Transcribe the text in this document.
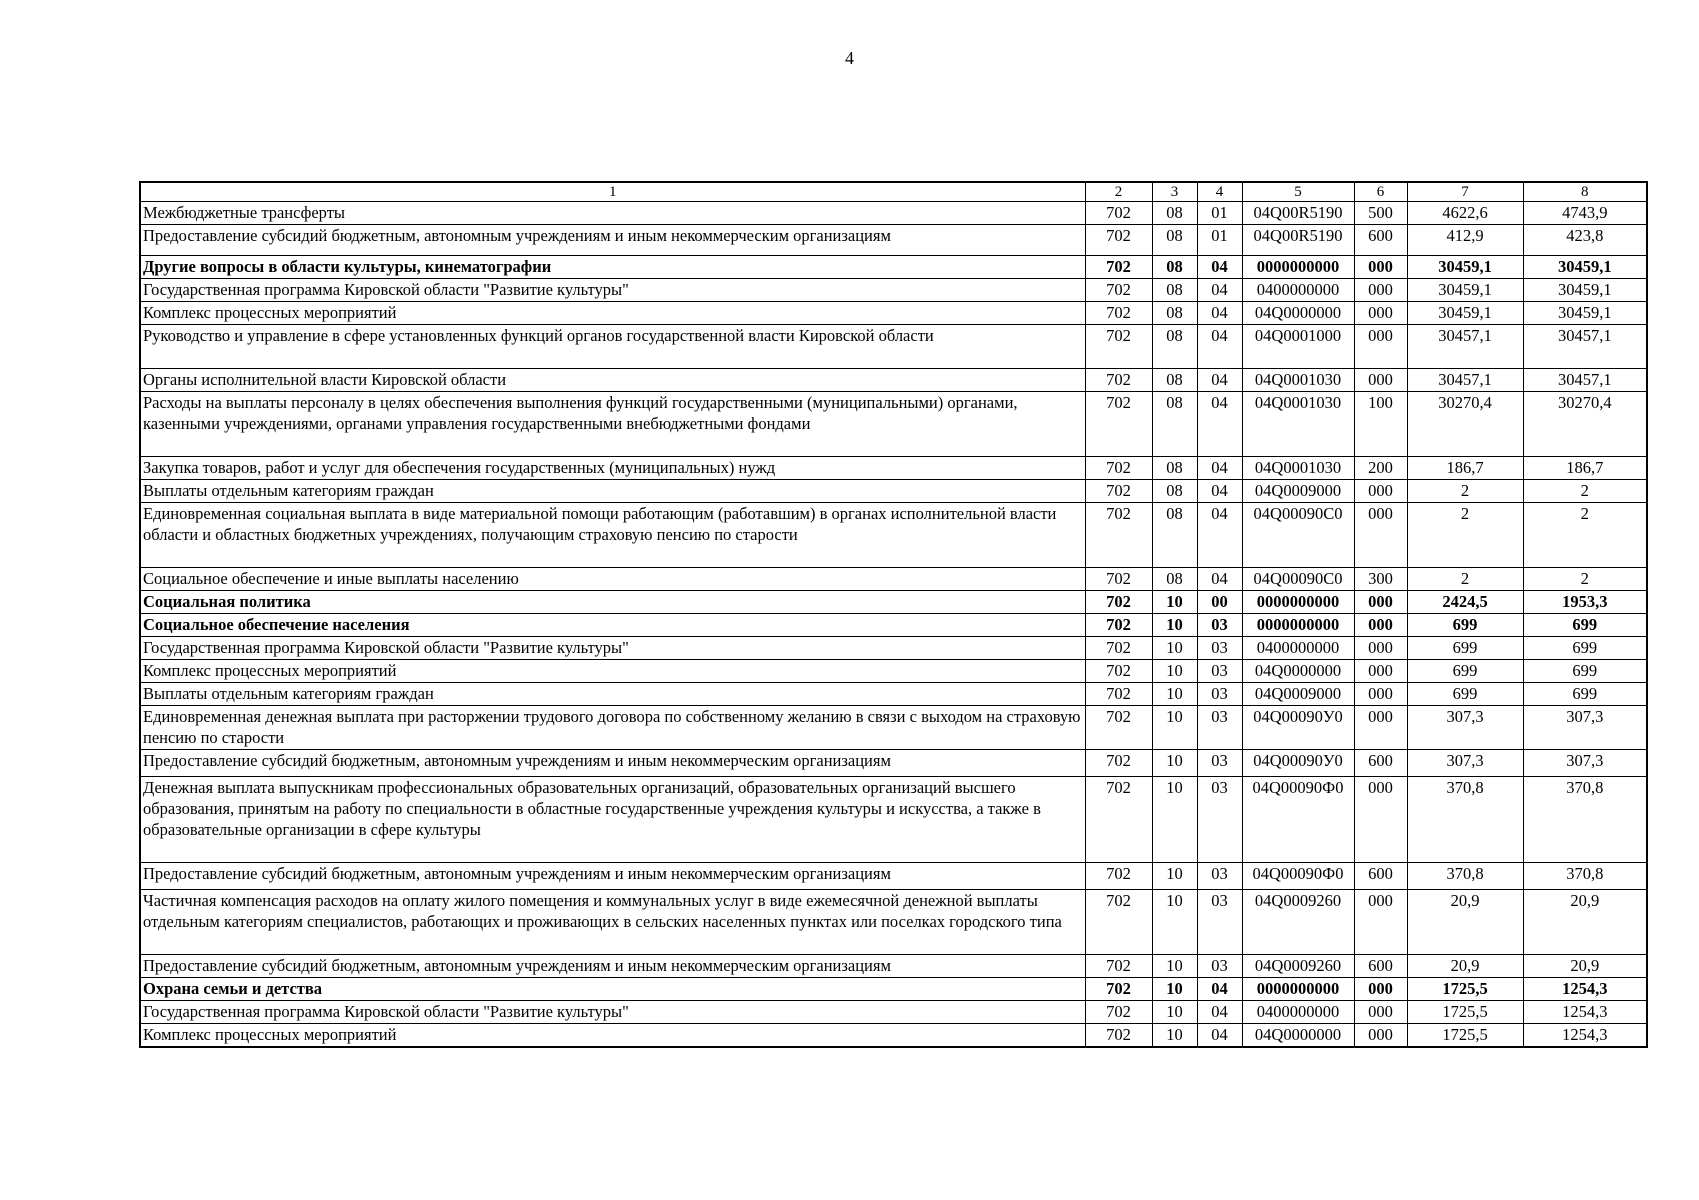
4
1	2	3	4	5	6	7	8
Межбюджетные трансферты	702	08	01	04Q00R5190	500	4622,6	4743,9
Предоставление субсидий бюджетным, автономным учреждениям и иным некоммерческим организациям	702	08	01	04Q00R5190	600	412,9	423,8
Другие вопросы в области культуры, кинематографии	702	08	04	0000000000	000	30459,1	30459,1
Государственная программа Кировской области "Развитие культуры"	702	08	04	0400000000	000	30459,1	30459,1
Комплекс процессных мероприятий	702	08	04	04Q0000000	000	30459,1	30459,1
Руководство и управление в сфере установленных функций органов государственной власти Кировской области	702	08	04	04Q0001000	000	30457,1	30457,1
Органы исполнительной власти Кировской области	702	08	04	04Q0001030	000	30457,1	30457,1
Расходы на выплаты персоналу в целях обеспечения выполнения функций государственными (муниципальными) органами, казенными учреждениями, органами управления государственными внебюджетными фондами	702	08	04	04Q0001030	100	30270,4	30270,4
Закупка товаров, работ и услуг для обеспечения государственных (муниципальных) нужд	702	08	04	04Q0001030	200	186,7	186,7
Выплаты отдельным категориям граждан	702	08	04	04Q0009000	000	2	2
Единовременная социальная выплата в виде материальной помощи работающим (работавшим) в органах исполнительной власти области и областных бюджетных учреждениях, получающим страховую пенсию по старости	702	08	04	04Q00090С0	000	2	2
Социальное обеспечение и иные выплаты населению	702	08	04	04Q00090С0	300	2	2
Социальная политика	702	10	00	0000000000	000	2424,5	1953,3
Социальное обеспечение населения	702	10	03	0000000000	000	699	699
Государственная программа Кировской области "Развитие культуры"	702	10	03	0400000000	000	699	699
Комплекс процессных мероприятий	702	10	03	04Q0000000	000	699	699
Выплаты отдельным категориям граждан	702	10	03	04Q0009000	000	699	699
Единовременная денежная выплата при расторжении трудового договора по собственному желанию в связи с выходом на страховую пенсию по старости	702	10	03	04Q00090У0	000	307,3	307,3
Предоставление субсидий бюджетным, автономным учреждениям и иным некоммерческим организациям	702	10	03	04Q00090У0	600	307,3	307,3
Денежная выплата выпускникам профессиональных образовательных организаций, образовательных организаций высшего образования, принятым на работу по специальности в областные государственные учреждения культуры и искусства, а также в образовательные организации в сфере культуры	702	10	03	04Q00090Ф0	000	370,8	370,8
Предоставление субсидий бюджетным, автономным учреждениям и иным некоммерческим организациям	702	10	03	04Q00090Ф0	600	370,8	370,8
Частичная компенсация расходов на оплату жилого помещения и коммунальных услуг в виде ежемесячной денежной выплаты отдельным категориям специалистов, работающих и проживающих в сельских населенных пунктах или поселках городского типа	702	10	03	04Q0009260	000	20,9	20,9
Предоставление субсидий бюджетным, автономным учреждениям и иным некоммерческим организациям	702	10	03	04Q0009260	600	20,9	20,9
Охрана семьи и детства	702	10	04	0000000000	000	1725,5	1254,3
Государственная программа Кировской области "Развитие культуры"	702	10	04	0400000000	000	1725,5	1254,3
Комплекс процессных мероприятий	702	10	04	04Q0000000	000	1725,5	1254,3
